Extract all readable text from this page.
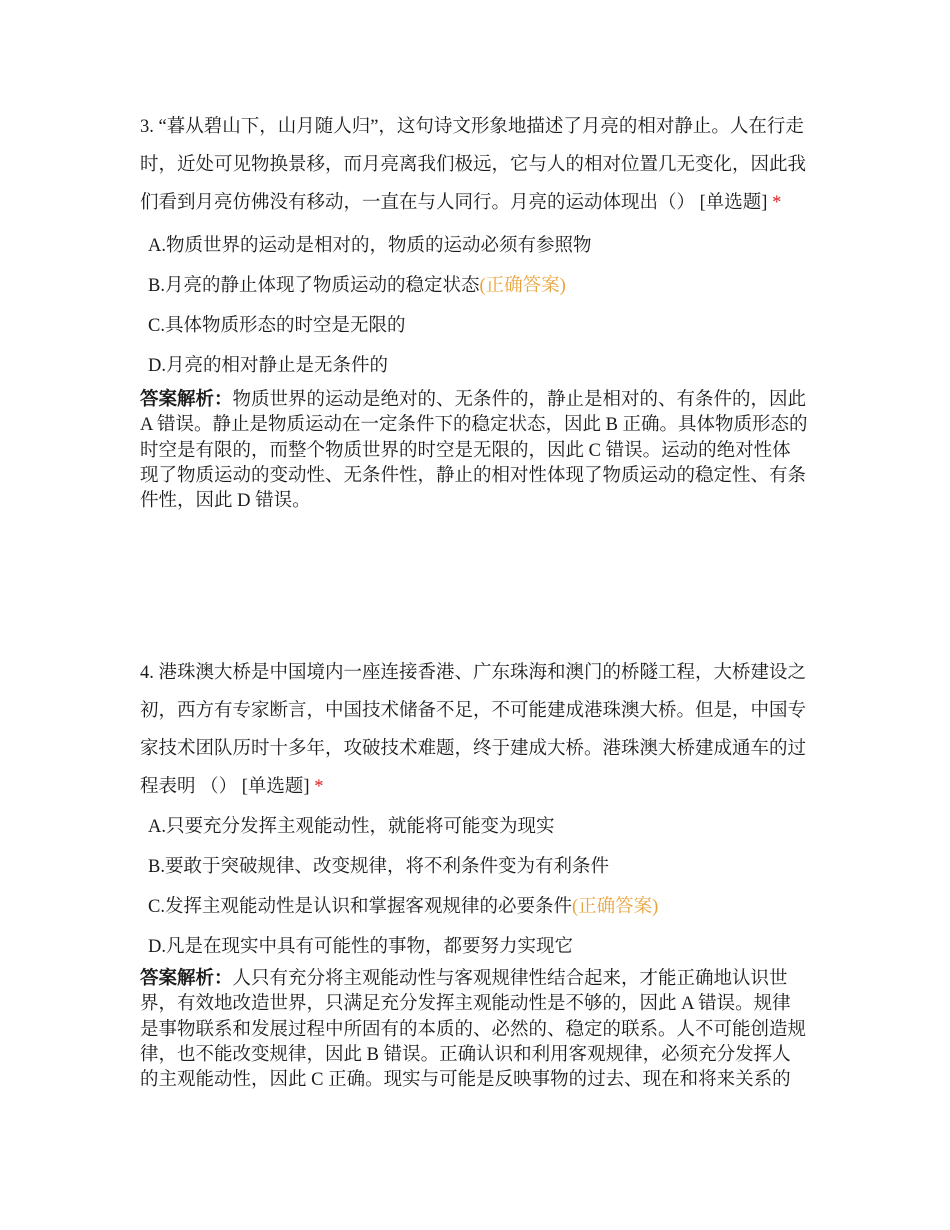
3. “暮从碧山下，山月随人归”，这句诗文形象地描述了月亮的相对静止。人在行走
时，近处可见物换景移，而月亮离我们极远，它与人的相对位置几无变化，因此我
们看到月亮仿佛没有移动，一直在与人同行。月亮的运动体现出（） [单选题] *
A.物质世界的运动是相对的，物质的运动必须有参照物
B.月亮的静止体现了物质运动的稳定状态(正确答案)
C.具体物质形态的时空是无限的
D.月亮的相对静止是无条件的
答案解析：物质世界的运动是绝对的、无条件的，静止是相对的、有条件的，因此
A 错误。静止是物质运动在一定条件下的稳定状态，因此 B 正确。具体物质形态的
时空是有限的，而整个物质世界的时空是无限的，因此 C 错误。运动的绝对性体
现了物质运动的变动性、无条件性，静止的相对性体现了物质运动的稳定性、有条
件性，因此 D 错误。
4. 港珠澳大桥是中国境内一座连接香港、广东珠海和澳门的桥隧工程，大桥建设之
初，西方有专家断言，中国技术储备不足，不可能建成港珠澳大桥。但是，中国专
家技术团队历时十多年，攻破技术难题，终于建成大桥。港珠澳大桥建成通车的过
程表明 （） [单选题] *
A.只要充分发挥主观能动性，就能将可能变为现实
B.要敢于突破规律、改变规律，将不利条件变为有利条件
C.发挥主观能动性是认识和掌握客观规律的必要条件(正确答案)
D.凡是在现实中具有可能性的事物，都要努力实现它
答案解析：人只有充分将主观能动性与客观规律性结合起来，才能正确地认识世
界，有效地改造世界，只满足充分发挥主观能动性是不够的，因此 A 错误。规律
是事物联系和发展过程中所固有的本质的、必然的、稳定的联系。人不可能创造规
律，也不能改变规律，因此 B 错误。正确认识和利用客观规律，必须充分发挥人
的主观能动性，因此 C 正确。现实与可能是反映事物的过去、现在和将来关系的
